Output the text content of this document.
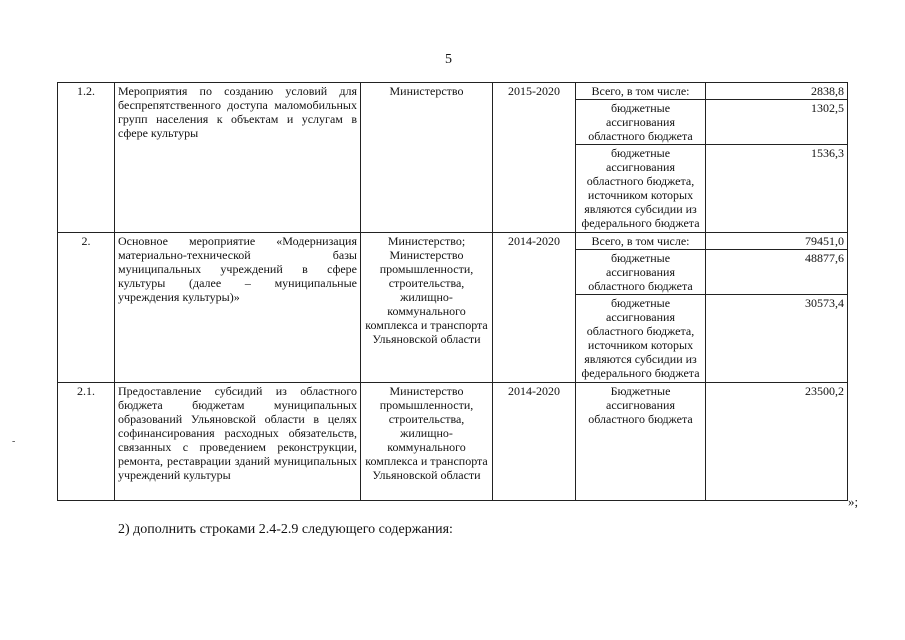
5
-
1.2.	Мероприятия по созданию условий для беспрепятственного доступа маломобильных групп населения к объектам и услугам в сфере культуры	Министерство	2015-2020	Всего, в том числе:	2838,8
				бюджетные ассигнования областного бюджета	1302,5
				бюджетные ассигнования областного бюджета, источником которых являются субсидии из федерального бюджета	1536,3
2.	Основное мероприятие «Модернизация материально-технической базы муниципальных учреждений в сфере культуры (далее – муниципальные учреждения культуры)»	Министерство; Министерство промышленности, строительства, жилищно-коммунального комплекса и транспорта Ульяновской области	2014-2020	Всего, в том числе:	79451,0
				бюджетные ассигнования областного бюджета	48877,6
				бюджетные ассигнования областного бюджета, источником которых являются субсидии из федерального бюджета	30573,4
2.1.	Предоставление субсидий из областного бюджета бюджетам муниципальных образований Ульяновской области в целях софинансирования расходных обязательств, связанных с проведением реконструкции, ремонта, реставрации зданий муниципальных учреждений культуры	Министерство промышленности, строительства, жилищно-коммунального комплекса и транспорта Ульяновской области	2014-2020	Бюджетные ассигнования областного бюджета	23500,2
»;
2) дополнить строками 2.4-2.9 следующего содержания:
